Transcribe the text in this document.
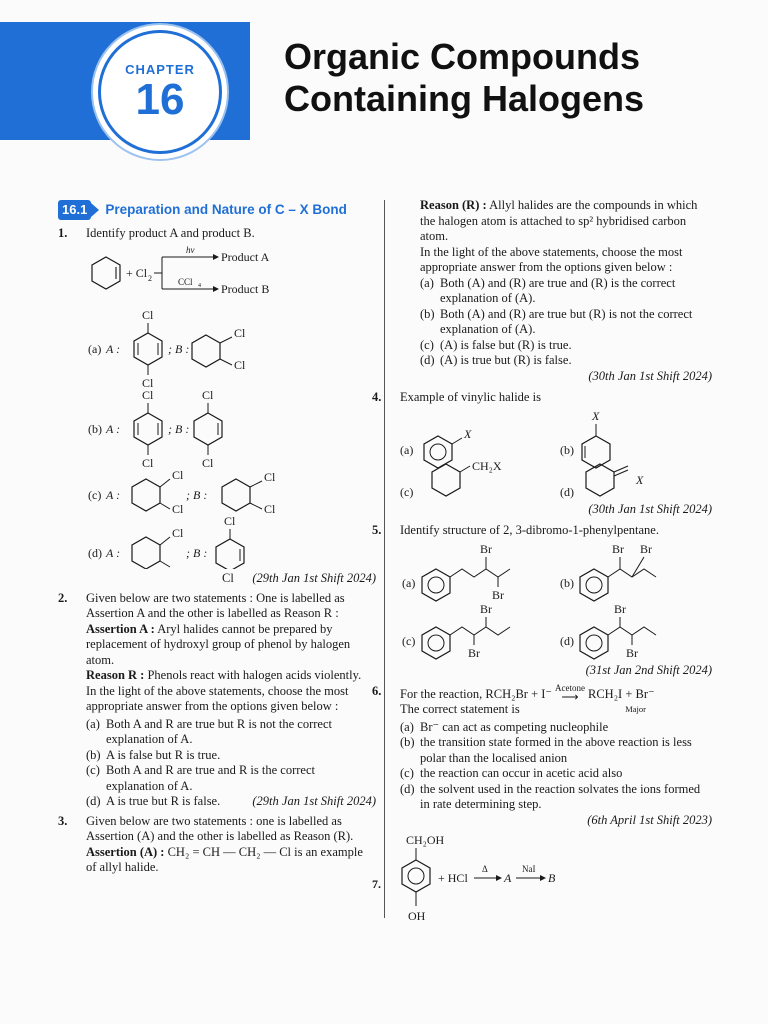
CHAPTER
16
Organic Compounds
Containing Halogens
16.1 Preparation and Nature of C – X Bond
1.	Identify product A and product B.
+ Cl 2
hν
CCl 4
Product A
Product B
(a) A :
Cl
Cl
; B :
Cl
Cl
(b) A :
Cl
Cl
; B :
Cl
Cl
(c) A :
Cl
Cl
; B :
Cl
Cl
(d) A :
Cl
; B :
Cl
Cl (29th Jan 1st Shift 2024)
2.	Given below are two statements : One is labelled as Assertion A and the other is labelled as Reason R :
Assertion A : Aryl halides cannot be prepared by replacement of hydroxyl group of phenol by halogen atom.
Reason R : Phenols react with halogen acids violently.
In the light of the above statements, choose the most appropriate answer from the options given below :
(a) Both A and R are true but R is not the correct explanation of A.
(b) A is false but R is true.
(c) Both A and R are true and R is the correct explanation of A.
(d) A is true but R is false.	(29th Jan 1st Shift 2024)
3.	Given below are two statements : one is labelled as Assertion (A) and the other is labelled as Reason (R).
Assertion (A) : CH₂ = CH — CH₂ — Cl is an example of allyl halide.
Reason (R) : Allyl halides are the compounds in which the halogen atom is attached to sp² hybridised carbon atom.
In the light of the above statements, choose the most appropriate answer from the options given below :
(a) Both (A) and (R) are true and (R) is the correct explanation of (A).
(b) Both (A) and (R) are true but (R) is not the correct explanation of (A).
(c) (A) is false but (R) is true.
(d) (A) is true but (R) is false.
(30th Jan 1st Shift 2024)
4.	Example of vinylic halide is
(a)
X
(b)
X
(c)
CH₂X
(d)
X
(30th Jan 1st Shift 2024)
5.	Identify structure of 2, 3-dibromo-1-phenylpentane.
(a)
Br
Br
(b)
Br Br
(c)
Br
Br
(d)
Br
Br
(31st Jan 2nd Shift 2024)
6.	For the reaction, RCH₂Br + I⁻ Acetone
⟶ RCH₂I + Br⁻
The correct statement is	Major
(a) Br⁻ can act as competing nucleophile
(b) the transition state formed in the above reaction is less polar than the localised anion
(c) the reaction can occur in acetic acid also
(d) the solvent used in the reaction solvates the ions formed in rate determining step.
(6th April 1st Shift 2023)
7.
CH₂OH
OH
+ HCl
Δ
A
NaI
B
